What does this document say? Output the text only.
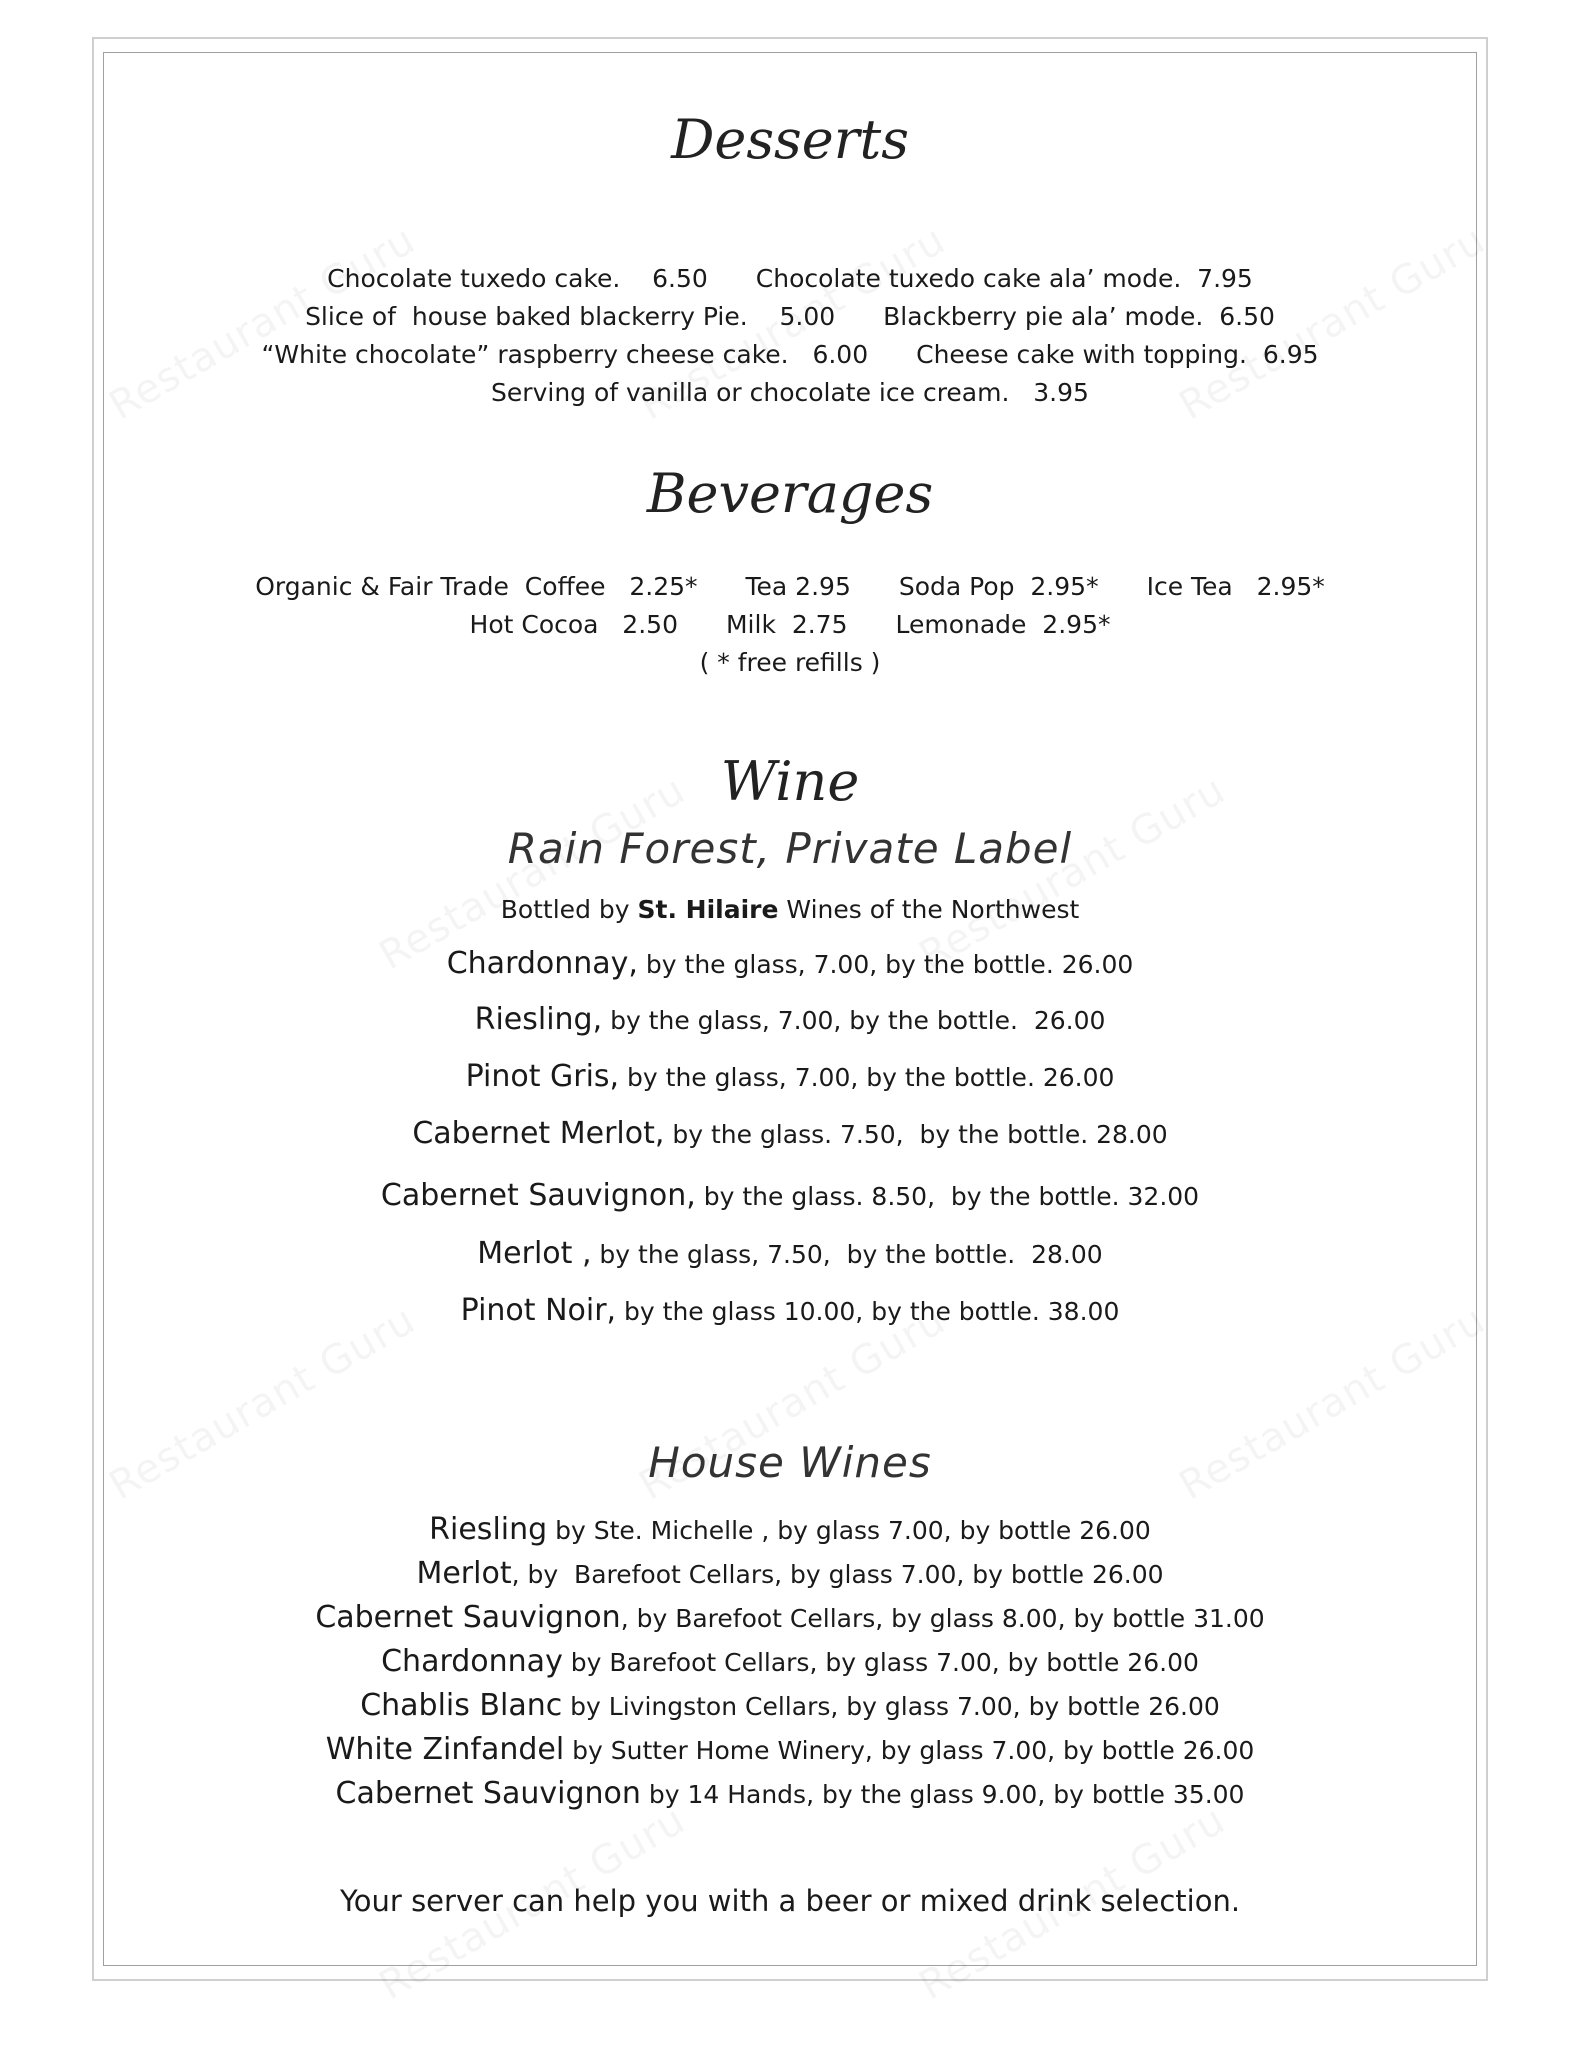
Desserts
Chocolate tuxedo cake.    6.50 Chocolate tuxedo cake ala’ mode.  7.95
Slice of  house baked blackerry Pie.    5.00 Blackberry pie ala’ mode.  6.50
“White chocolate” raspberry cheese cake.   6.00 Cheese cake with topping.  6.95
Serving of vanilla or chocolate ice cream.   3.95
Beverages
Organic & Fair Trade  Coffee   2.25* Tea 2.95 Soda Pop  2.95* Ice Tea   2.95*
Hot Cocoa   2.50 Milk  2.75 Lemonade  2.95*
( * free refills )
Wine
Rain Forest, Private Label
Bottled by St. Hilaire Wines of the Northwest
Chardonnay, by the glass, 7.00, by the bottle. 26.00
Riesling, by the glass, 7.00, by the bottle.  26.00
Pinot Gris, by the glass, 7.00, by the bottle. 26.00
Cabernet Merlot, by the glass. 7.50,  by the bottle. 28.00
Cabernet Sauvignon, by the glass. 8.50,  by the bottle. 32.00
Merlot , by the glass, 7.50,  by the bottle.  28.00
Pinot Noir, by the glass 10.00, by the bottle. 38.00
House Wines
Riesling by Ste. Michelle , by glass 7.00, by bottle 26.00
Merlot, by  Barefoot Cellars, by glass 7.00, by bottle 26.00
Cabernet Sauvignon, by Barefoot Cellars, by glass 8.00, by bottle 31.00
Chardonnay by Barefoot Cellars, by glass 7.00, by bottle 26.00
Chablis Blanc by Livingston Cellars, by glass 7.00, by bottle 26.00
White Zinfandel by Sutter Home Winery, by glass 7.00, by bottle 26.00
Cabernet Sauvignon by 14 Hands, by the glass 9.00, by bottle 35.00
Your server can help you with a beer or mixed drink selection.
